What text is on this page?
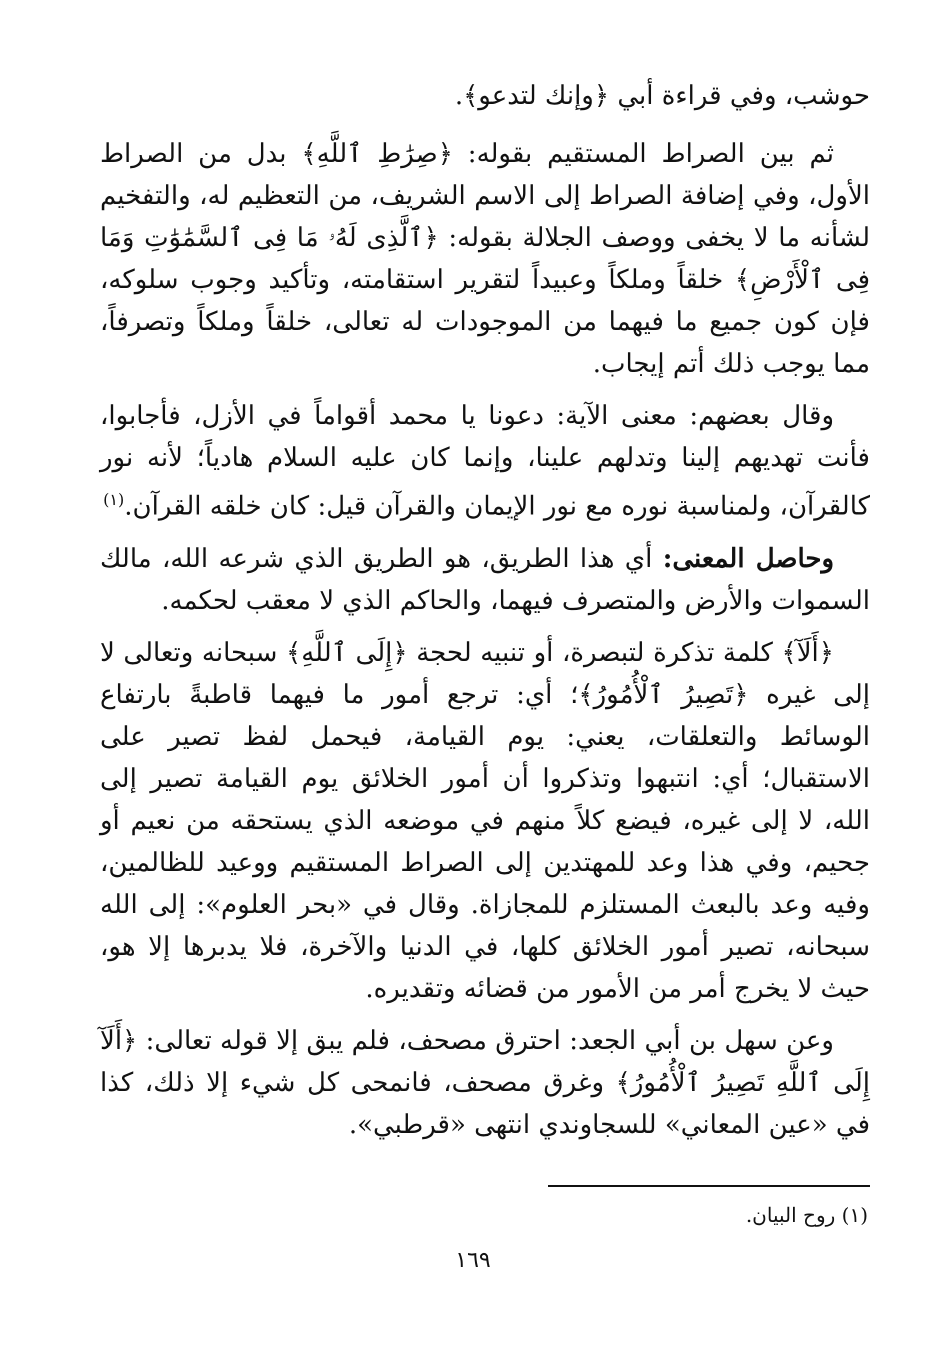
حوشب، وفي قراءة أبي ﴿وإنك لتدعو﴾.

ثم بين الصراط المستقيم بقوله: ﴿صِرَٰطِ ٱللَّهِ﴾ بدل من الصراط الأول، وفي إضافة الصراط إلى الاسم الشريف، من التعظيم له، والتفخيم لشأنه ما لا يخفى ووصف الجلالة بقوله: ﴿ٱلَّذِى لَهُۥ مَا فِى ٱلسَّمَٰوَٰتِ وَمَا فِى ٱلْأَرْضِ﴾ خلقاً وملكاً وعبيداً لتقرير استقامته، وتأكيد وجوب سلوكه، فإن كون جميع ما فيهما من الموجودات له تعالى، خلقاً وملكاً وتصرفاً، مما يوجب ذلك أتم إيجاب.

وقال بعضهم: معنى الآية: دعونا يا محمد أقواماً في الأزل، فأجابوا، فأنت تهديهم إلينا وتدلهم علينا، وإنما كان عليه السلام هادياً؛ لأنه نور كالقرآن، ولمناسبة نوره مع نور الإيمان والقرآن قيل: كان خلقه القرآن.$^{(١)}$

وحاصل المعنى: أي هذا الطريق، هو الطريق الذي شرعه الله، مالك السموات والأرض والمتصرف فيهما، والحاكم الذي لا معقب لحكمه.

﴿أَلَآ﴾ كلمة تذكرة لتبصرة، أو تنبيه لحجة ﴿إِلَى ٱللَّهِ﴾ سبحانه وتعالى لا إلى غيره ﴿تَصِيرُ ٱلْأُمُورُ﴾؛ أي: ترجع أمور ما فيهما قاطبةً بارتفاع الوسائط والتعلقات، يعني: يوم القيامة، فيحمل لفظ تصير على الاستقبال؛ أي: انتبهوا وتذكروا أن أمور الخلائق يوم القيامة تصير إلى الله، لا إلى غيره، فيضع كلاً منهم في موضعه الذي يستحقه من نعيم أو جحيم، وفي هذا وعد للمهتدين إلى الصراط المستقيم ووعيد للظالمين، وفيه وعد بالبعث المستلزم للمجازاة. وقال في «بحر العلوم»: إلى الله سبحانه، تصير أمور الخلائق كلها، في الدنيا والآخرة، فلا يدبرها إلا هو، حيث لا يخرج أمر من الأمور من قضائه وتقديره.

وعن سهل بن أبي الجعد: احترق مصحف، فلم يبق إلا قوله تعالى: ﴿أَلَآ إِلَى ٱللَّهِ تَصِيرُ ٱلْأُمُورُ﴾ وغرق مصحف، فانمحى كل شيء إلا ذلك، كذا في «عين المعاني» للسجاوندي انتهى «قرطبي».

(١) روح البيان.
١٦٩
